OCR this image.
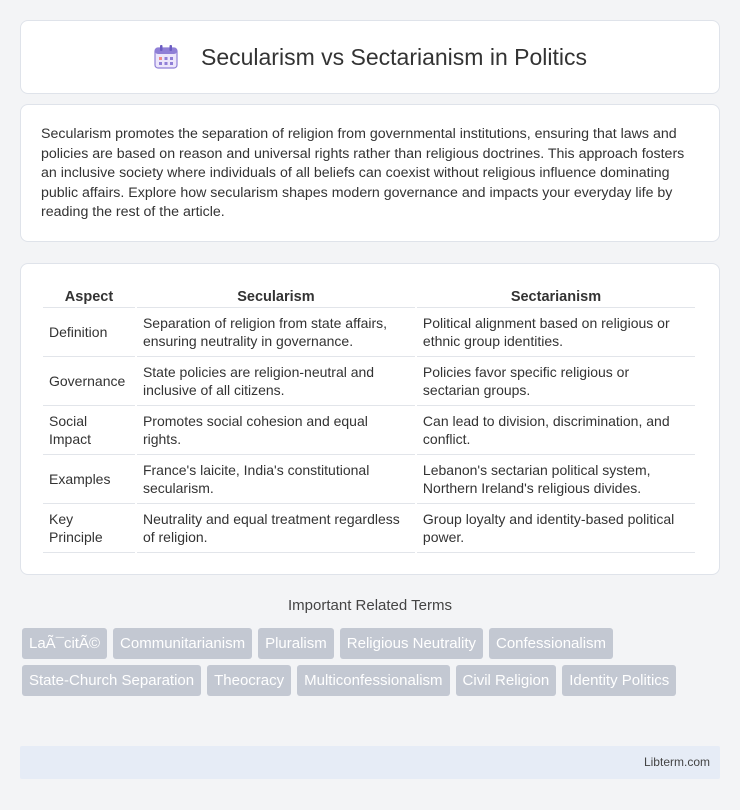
Secularism vs Sectarianism in Politics

Secularism promotes the separation of religion from governmental institutions, ensuring that laws and policies are based on reason and universal rights rather than religious doctrines. This approach fosters an inclusive society where individuals of all beliefs can coexist without religious influence dominating public affairs. Explore how secularism shapes modern governance and impacts your everyday life by reading the rest of the article.

Aspect	Secularism	Sectarianism
Definition	Separation of religion from state affairs, ensuring neutrality in governance.	Political alignment based on religious or ethnic group identities.
Governance	State policies are religion-neutral and inclusive of all citizens.	Policies favor specific religious or sectarian groups.
Social Impact	Promotes social cohesion and equal rights.	Can lead to division, discrimination, and conflict.
Examples	France's laicite, India's constitutional secularism.	Lebanon's sectarian political system, Northern Ireland's religious divides.
Key Principle	Neutrality and equal treatment regardless of religion.	Group loyalty and identity-based political power.
Important Related Terms
LaÃ¯citÃ©	Communitarianism	Pluralism	Religious Neutrality	Confessionalism
State-Church Separation	Theocracy	Multiconfessionalism	Civil Religion	Identity Politics
Libterm.com
